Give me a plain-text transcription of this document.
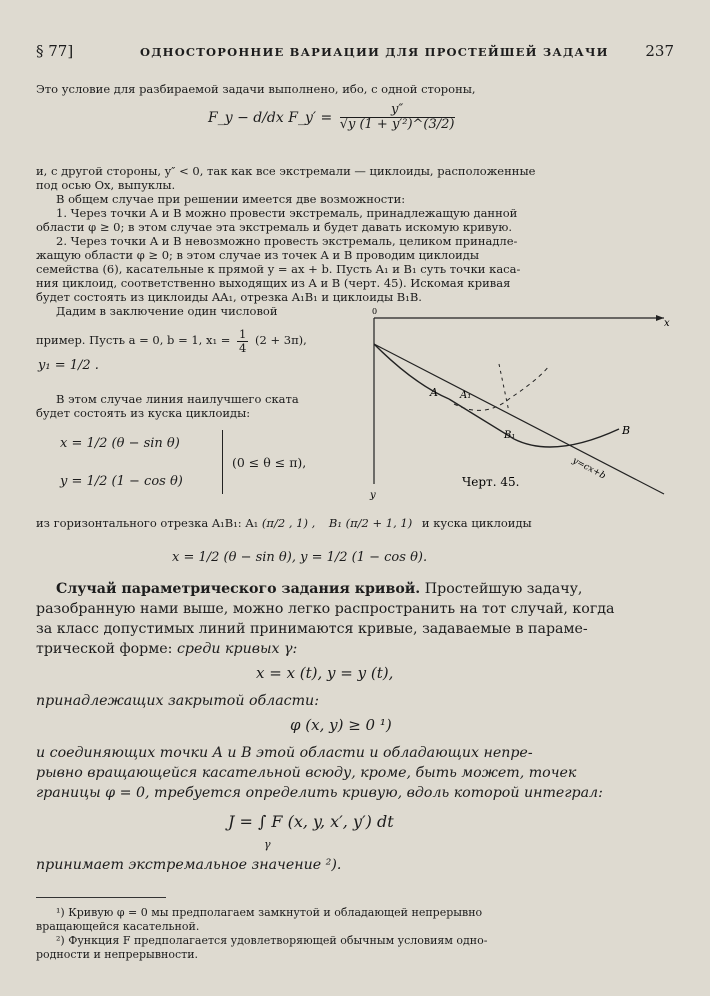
§ 77]	ОДНОСТОРОННИЕ ВАРИАЦИИ ДЛЯ ПРОСТЕЙШЕЙ ЗАДАЧИ 237
Это условие для разбираемой задачи выполнено, ибо, с одной стороны,
F_y − d/dx F_y′ = $\frac{y''}{\text{√y (1 + y′²)\textasciicircum{}(3/2)}}$
и, с другой стороны, y″ < 0, так как все экстремали — циклоиды, расположенные
под осью Ox, выпуклы.
В общем случае при решении имеется две возможности:
1. Через точки A и B можно провести экстремаль, принадлежащую данной
области φ ≥ 0; в этом случае эта экстремаль и будет давать искомую кривую.
2. Через точки A и B невозможно провесть экстремаль, целиком принадле-
жащую области φ ≥ 0; в этом случае из точек A и B проводим циклоиды
семейства (6), касательные к прямой y = ax + b. Пусть A₁ и B₁ суть точки каса-
ния циклоид, соответственно выходящих из A и B (черт. 45). Искомая кривая
будет состоять из циклоиды AA₁, отрезка A₁B₁ и циклоиды B₁B.
Дадим в заключение один числовой
пример. Пусть a = 0, b = 1, $x_1 = \frac{1}{4} (2 + 3\pi)$,
y₁ = 1/2 .
В этом случае линия наилучшего ската
будет состоять из куска циклоиды:
x = 1/2 (θ − sin θ)
y = 1/2 (1 − cos θ)
(0 ≤ θ ≤ π),
A A₁
B₁	B
x
y
0
y=cx+b
Черт. 45.
из горизонтального отрезка A₁B₁: A₁ (π/2 , 1) , B₁ (π/2 + 1, 1) и куска циклоиды
x = 1/2 (θ − sin θ), y = 1/2 (1 − cos θ).
Случай параметрического задания кривой. Простейшую задачу,
разобранную нами выше, можно легко распространить на тот случай, когда
за класс допустимых линий принимаются кривые, задаваемые в параме-
трической форме: среди кривых γ:
x = x (t), y = y (t),
принадлежащих закрытой области:
φ (x, y) ≥ 0 ¹)
и соединяющих точки A и B этой области и обладающих непре-
рывно вращающейся касательной всюду, кроме, быть может, точек
границы φ = 0, требуется определить кривую, вдоль которой интеграл:
J = ∫ F (x, y, x′, y′) dt
γ
принимает экстремальное значение ²).
¹) Кривую φ = 0 мы предполагаем замкнутой и обладающей непрерывно
вращающейся касательной.
²) Функция F предполагается удовлетворяющей обычным условиям одно-
родности и непрерывности.
